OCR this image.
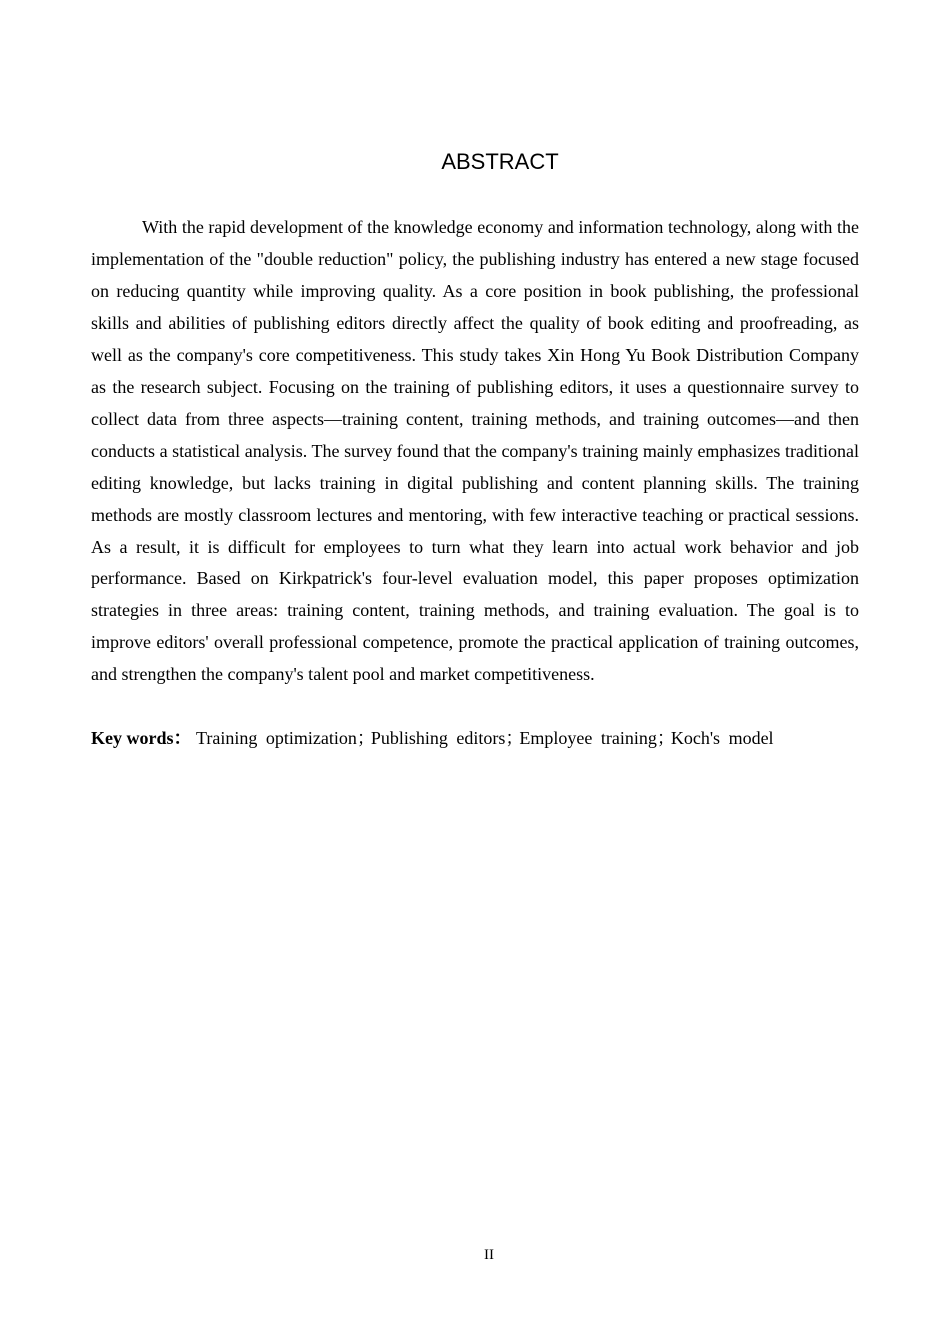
ABSTRACT

With the rapid development of the knowledge economy and information technology, along with the implementation of the "double reduction" policy, the publishing industry has entered a new stage focused on reducing quantity while improving quality. As a core position in book publishing, the professional skills and abilities of publishing editors directly affect the quality of book editing and proofreading, as well as the company's core competitiveness. This study takes Xin Hong Yu Book Distribution Company as the research subject. Focusing on the training of publishing editors, it uses a questionnaire survey to collect data from three aspects—training content, training methods, and training outcomes—and then conducts a statistical analysis. The survey found that the company's training mainly emphasizes traditional editing knowledge, but lacks training in digital publishing and content planning skills. The training methods are mostly classroom lectures and mentoring, with few interactive teaching or practical sessions. As a result, it is difficult for employees to turn what they learn into actual work behavior and job performance. Based on Kirkpatrick's four-level evaluation model, this paper proposes optimization strategies in three areas: training content, training methods, and training evaluation. The goal is to improve editors' overall professional competence, promote the practical application of training outcomes, and strengthen the company's talent pool and market competitiveness.

Key words： Training optimization；Publishing editors；Employee training；Koch's model

II
